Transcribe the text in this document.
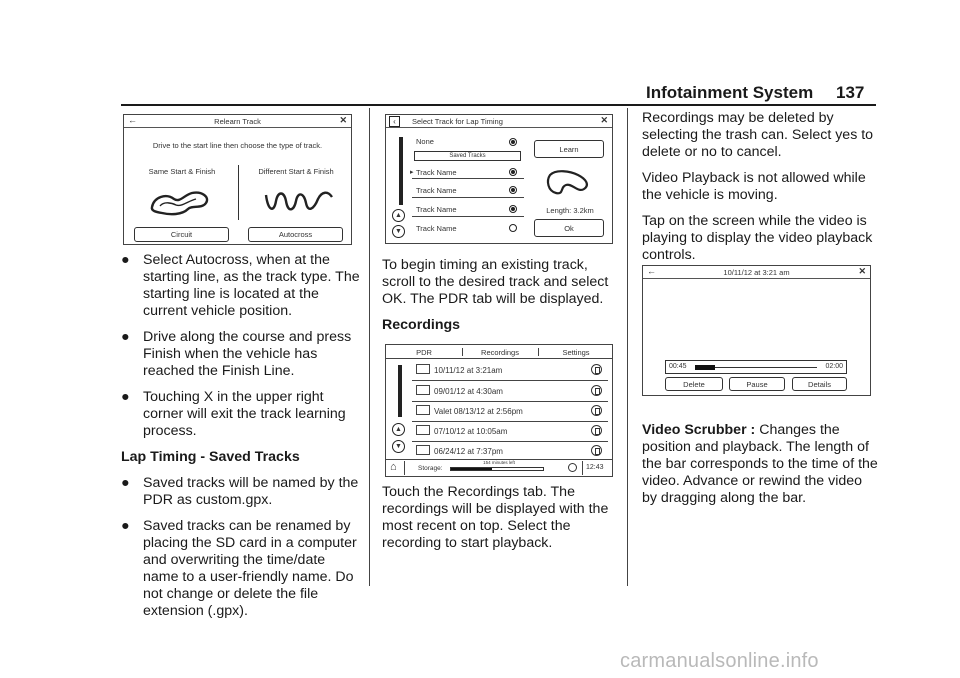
Infotainment System 137
←	Relearn Track	✕
Drive to the start line then choose the type of track.
Same Start & Finish	Different Start & Finish
Circuit	Autocross
● Select Autocross, when at the starting line, as the track type. The starting line is located at the current vehicle position.
● Drive along the course and press Finish when the vehicle has reached the Finish Line.
● Touching X in the upper right corner will exit the track learning process.

Lap Timing - Saved Tracks

● Saved tracks will be named by the PDR as custom.gpx.
● Saved tracks can be renamed by placing the SD card in a computer and overwriting the time/date name to a user-friendly name. Do not change or delete the file extension (.gpx).
‹	Select Track for Lap Timing	✕
▲
▼
None
Saved Tracks
▸ Track Name
Track Name
Track Name
Track Name
Learn
Length: 3.2km
Ok

To begin timing an existing track, scroll to the desired track and select OK. The PDR tab will be displayed.

Recordings

PDR	Recordings	Settings
▲
▼
10/11/12 at 3:21am
09/01/12 at 4:30am
Valet 08/13/12 at 2:56pm
07/10/12 at 10:05am
06/24/12 at 7:37pm
⌂	Storage:
154 minutes left
12:43

Touch the Recordings tab. The recordings will be displayed with the most recent on top. Select the recording to start playback.

Recordings may be deleted by selecting the trash can. Select yes to delete or no to cancel.

Video Playback is not allowed while the vehicle is moving.

Tap on the screen while the video is playing to display the video playback controls.

←	10/11/12 at 3:21 am	✕
00:45	02:00
Delete	Pause	Details

Video Scrubber : Changes the position and playback. The length of the bar corresponds to the time of the video. Advance or rewind the video by dragging along the bar.

carmanualsonline.info
